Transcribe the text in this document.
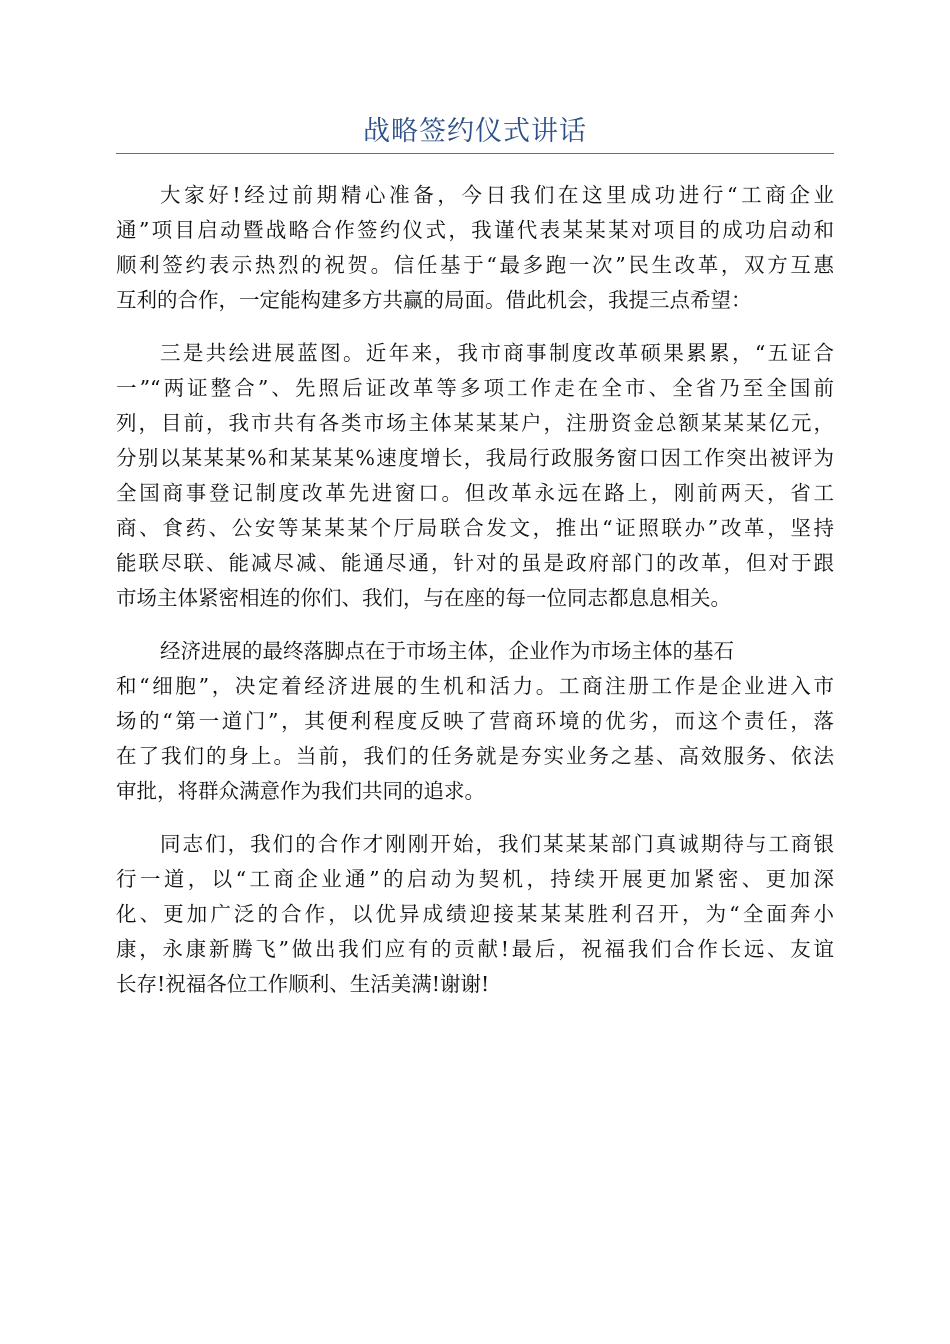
战略签约仪式讲话
大家好!经过前期精心准备，今日我们在这里成功进行“工商企业
通”项目启动暨战略合作签约仪式，我谨代表某某某对项目的成功启动和
顺利签约表示热烈的祝贺。信任基于“最多跑一次”民生改革，双方互惠
互利的合作，一定能构建多方共赢的局面。借此机会，我提三点希望：
三是共绘进展蓝图。近年来，我市商事制度改革硕果累累，“五证合
一”“两证整合”、先照后证改革等多项工作走在全市、全省乃至全国前
列，目前，我市共有各类市场主体某某某户，注册资金总额某某某亿元，
分别以某某某%和某某某%速度增长，我局行政服务窗口因工作突出被评为
全国商事登记制度改革先进窗口。但改革永远在路上，刚前两天，省工
商、食药、公安等某某某个厅局联合发文，推出“证照联办”改革，坚持
能联尽联、能减尽减、能通尽通，针对的虽是政府部门的改革，但对于跟
市场主体紧密相连的你们、我们，与在座的每一位同志都息息相关。
经济进展的最终落脚点在于市场主体，企业作为市场主体的基石
和“细胞”，决定着经济进展的生机和活力。工商注册工作是企业进入市
场的“第一道门”，其便利程度反映了营商环境的优劣，而这个责任，落
在了我们的身上。当前，我们的任务就是夯实业务之基、高效服务、依法
审批，将群众满意作为我们共同的追求。
同志们，我们的合作才刚刚开始，我们某某某部门真诚期待与工商银
行一道，以“工商企业通”的启动为契机，持续开展更加紧密、更加深
化、更加广泛的合作，以优异成绩迎接某某某胜利召开，为“全面奔小
康，永康新腾飞”做出我们应有的贡献!最后，祝福我们合作长远、友谊
长存!祝福各位工作顺利、生活美满!谢谢!
